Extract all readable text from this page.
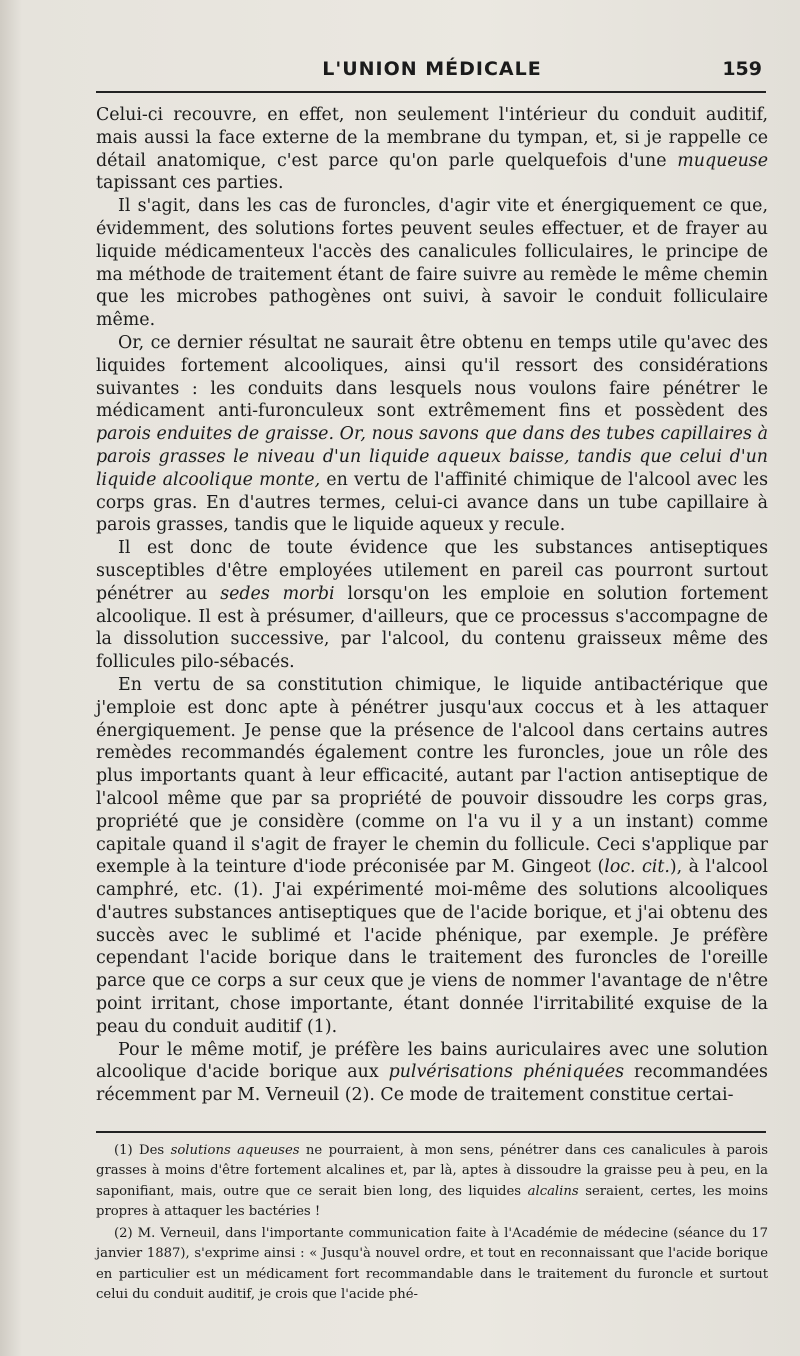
L'UNION MÉDICALE	159

Celui-ci recouvre, en effet, non seulement l'intérieur du conduit auditif, mais aussi la face externe de la membrane du tympan, et, si je rappelle ce détail anatomique, c'est parce qu'on parle quelquefois d'une muqueuse tapissant ces parties.

Il s'agit, dans les cas de furoncles, d'agir vite et énergiquement ce que, évidemment, des solutions fortes peuvent seules effectuer, et de frayer au liquide médicamenteux l'accès des canalicules folliculaires, le principe de ma méthode de traitement étant de faire suivre au remède le même chemin que les microbes pathogènes ont suivi, à savoir le conduit folliculaire même.

Or, ce dernier résultat ne saurait être obtenu en temps utile qu'avec des liquides fortement alcooliques, ainsi qu'il ressort des considérations suivantes : les conduits dans lesquels nous voulons faire pénétrer le médicament anti-furonculeux sont extrêmement fins et possèdent des parois enduites de graisse. Or, nous savons que dans des tubes capillaires à parois grasses le niveau d'un liquide aqueux baisse, tandis que celui d'un liquide alcoolique monte, en vertu de l'affinité chimique de l'alcool avec les corps gras. En d'autres termes, celui-ci avance dans un tube capillaire à parois grasses, tandis que le liquide aqueux y recule.

Il est donc de toute évidence que les substances antiseptiques susceptibles d'être employées utilement en pareil cas pourront surtout pénétrer au sedes morbi lorsqu'on les emploie en solution fortement alcoolique. Il est à présumer, d'ailleurs, que ce processus s'accompagne de la dissolution successive, par l'alcool, du contenu graisseux même des follicules pilo-sébacés.

En vertu de sa constitution chimique, le liquide antibactérique que j'emploie est donc apte à pénétrer jusqu'aux coccus et à les attaquer énergiquement. Je pense que la présence de l'alcool dans certains autres remèdes recommandés également contre les furoncles, joue un rôle des plus importants quant à leur efficacité, autant par l'action antiseptique de l'alcool même que par sa propriété de pouvoir dissoudre les corps gras, propriété que je considère (comme on l'a vu il y a un instant) comme capitale quand il s'agit de frayer le chemin du follicule. Ceci s'applique par exemple à la teinture d'iode préconisée par M. Gingeot (loc. cit.), à l'alcool camphré, etc. (1). J'ai expérimenté moi-même des solutions alcooliques d'autres substances antiseptiques que de l'acide borique, et j'ai obtenu des succès avec le sublimé et l'acide phénique, par exemple. Je préfère cependant l'acide borique dans le traitement des furoncles de l'oreille parce que ce corps a sur ceux que je viens de nommer l'avantage de n'être point irritant, chose importante, étant donnée l'irritabilité exquise de la peau du conduit auditif (1).

Pour le même motif, je préfère les bains auriculaires avec une solution alcoolique d'acide borique aux pulvérisations phéniquées recommandées récemment par M. Verneuil (2). Ce mode de traitement constitue certai-

(1) Des solutions aqueuses ne pourraient, à mon sens, pénétrer dans ces canalicules à parois grasses à moins d'être fortement alcalines et, par là, aptes à dissoudre la graisse peu à peu, en la saponifiant, mais, outre que ce serait bien long, des liquides alcalins seraient, certes, les moins propres à attaquer les bactéries !

(2) M. Verneuil, dans l'importante communication faite à l'Académie de médecine (séance du 17 janvier 1887), s'exprime ainsi : « Jusqu'à nouvel ordre, et tout en reconnaissant que l'acide borique en particulier est un médicament fort recommandable dans le traitement du furoncle et surtout celui du conduit auditif, je crois que l'acide phé-
